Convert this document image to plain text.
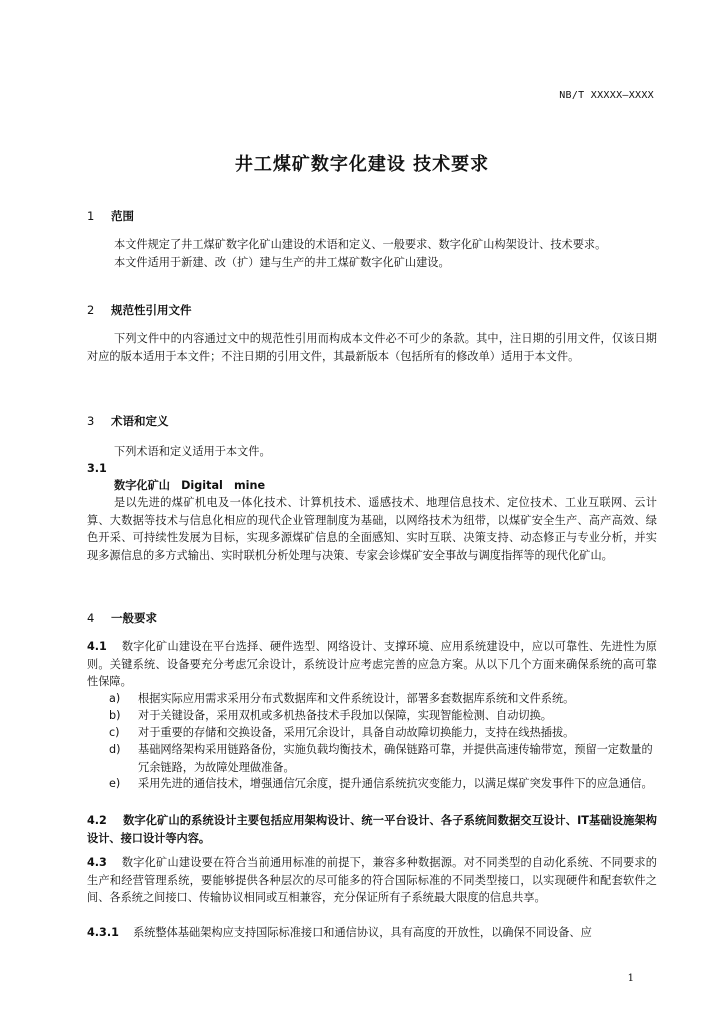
NB/T XXXXX—XXXX
井工煤矿数字化建设 技术要求
1 范围
本文件规定了井工煤矿数字化矿山建设的术语和定义、一般要求、数字化矿山构架设计、技术要求。
本文件适用于新建、改（扩）建与生产的井工煤矿数字化矿山建设。
2 规范性引用文件
下列文件中的内容通过文中的规范性引用而构成本文件必不可少的条款。其中，注日期的引用文件，仅该日期对应的版本适用于本文件；不注日期的引用文件，其最新版本（包括所有的修改单）适用于本文件。
3 术语和定义
下列术语和定义适用于本文件。
3.1
数字化矿山　Digital　mine
是以先进的煤矿机电及一体化技术、计算机技术、遥感技术、地理信息技术、定位技术、工业互联网、云计算、大数据等技术与信息化相应的现代企业管理制度为基础，以网络技术为纽带，以煤矿安全生产、高产高效、绿色开采、可持续性发展为目标，实现多源煤矿信息的全面感知、实时互联、决策支持、动态修正与专业分析，并实现多源信息的多方式输出、实时联机分析处理与决策、专家会诊煤矿安全事故与调度指挥等的现代化矿山。
4 一般要求
4.1 数字化矿山建设在平台选择、硬件选型、网络设计、支撑环境、应用系统建设中，应以可靠性、先进性为原则。关键系统、设备要充分考虑冗余设计，系统设计应考虑完善的应急方案。从以下几个方面来确保系统的高可靠性保障。
a)	根据实际应用需求采用分布式数据库和文件系统设计，部署多套数据库系统和文件系统。
b)	对于关键设备，采用双机或多机热备技术手段加以保障，实现智能检测、自动切换。
c)	对于重要的存储和交换设备，采用冗余设计，具备自动故障切换能力，支持在线热插拔。
d)	基础网络架构采用链路备份，实施负载均衡技术，确保链路可靠，并提供高速传输带宽，预留一定数量的冗余链路，为故障处理做准备。
e)	采用先进的通信技术，增强通信冗余度，提升通信系统抗灾变能力，以满足煤矿突发事件下的应急通信。
4.2 数字化矿山的系统设计主要包括应用架构设计、统一平台设计、各子系统间数据交互设计、IT基础设施架构设计、接口设计等内容。
4.3 数字化矿山建设要在符合当前通用标准的前提下，兼容多种数据源。对不同类型的自动化系统、不同要求的生产和经营管理系统，要能够提供各种层次的尽可能多的符合国际标准的不同类型接口，以实现硬件和配套软件之间、各系统之间接口、传输协议相同或互相兼容，充分保证所有子系统最大限度的信息共享。
4.3.1 系统整体基础架构应支持国际标准接口和通信协议，具有高度的开放性，以确保不同设备、应
1
